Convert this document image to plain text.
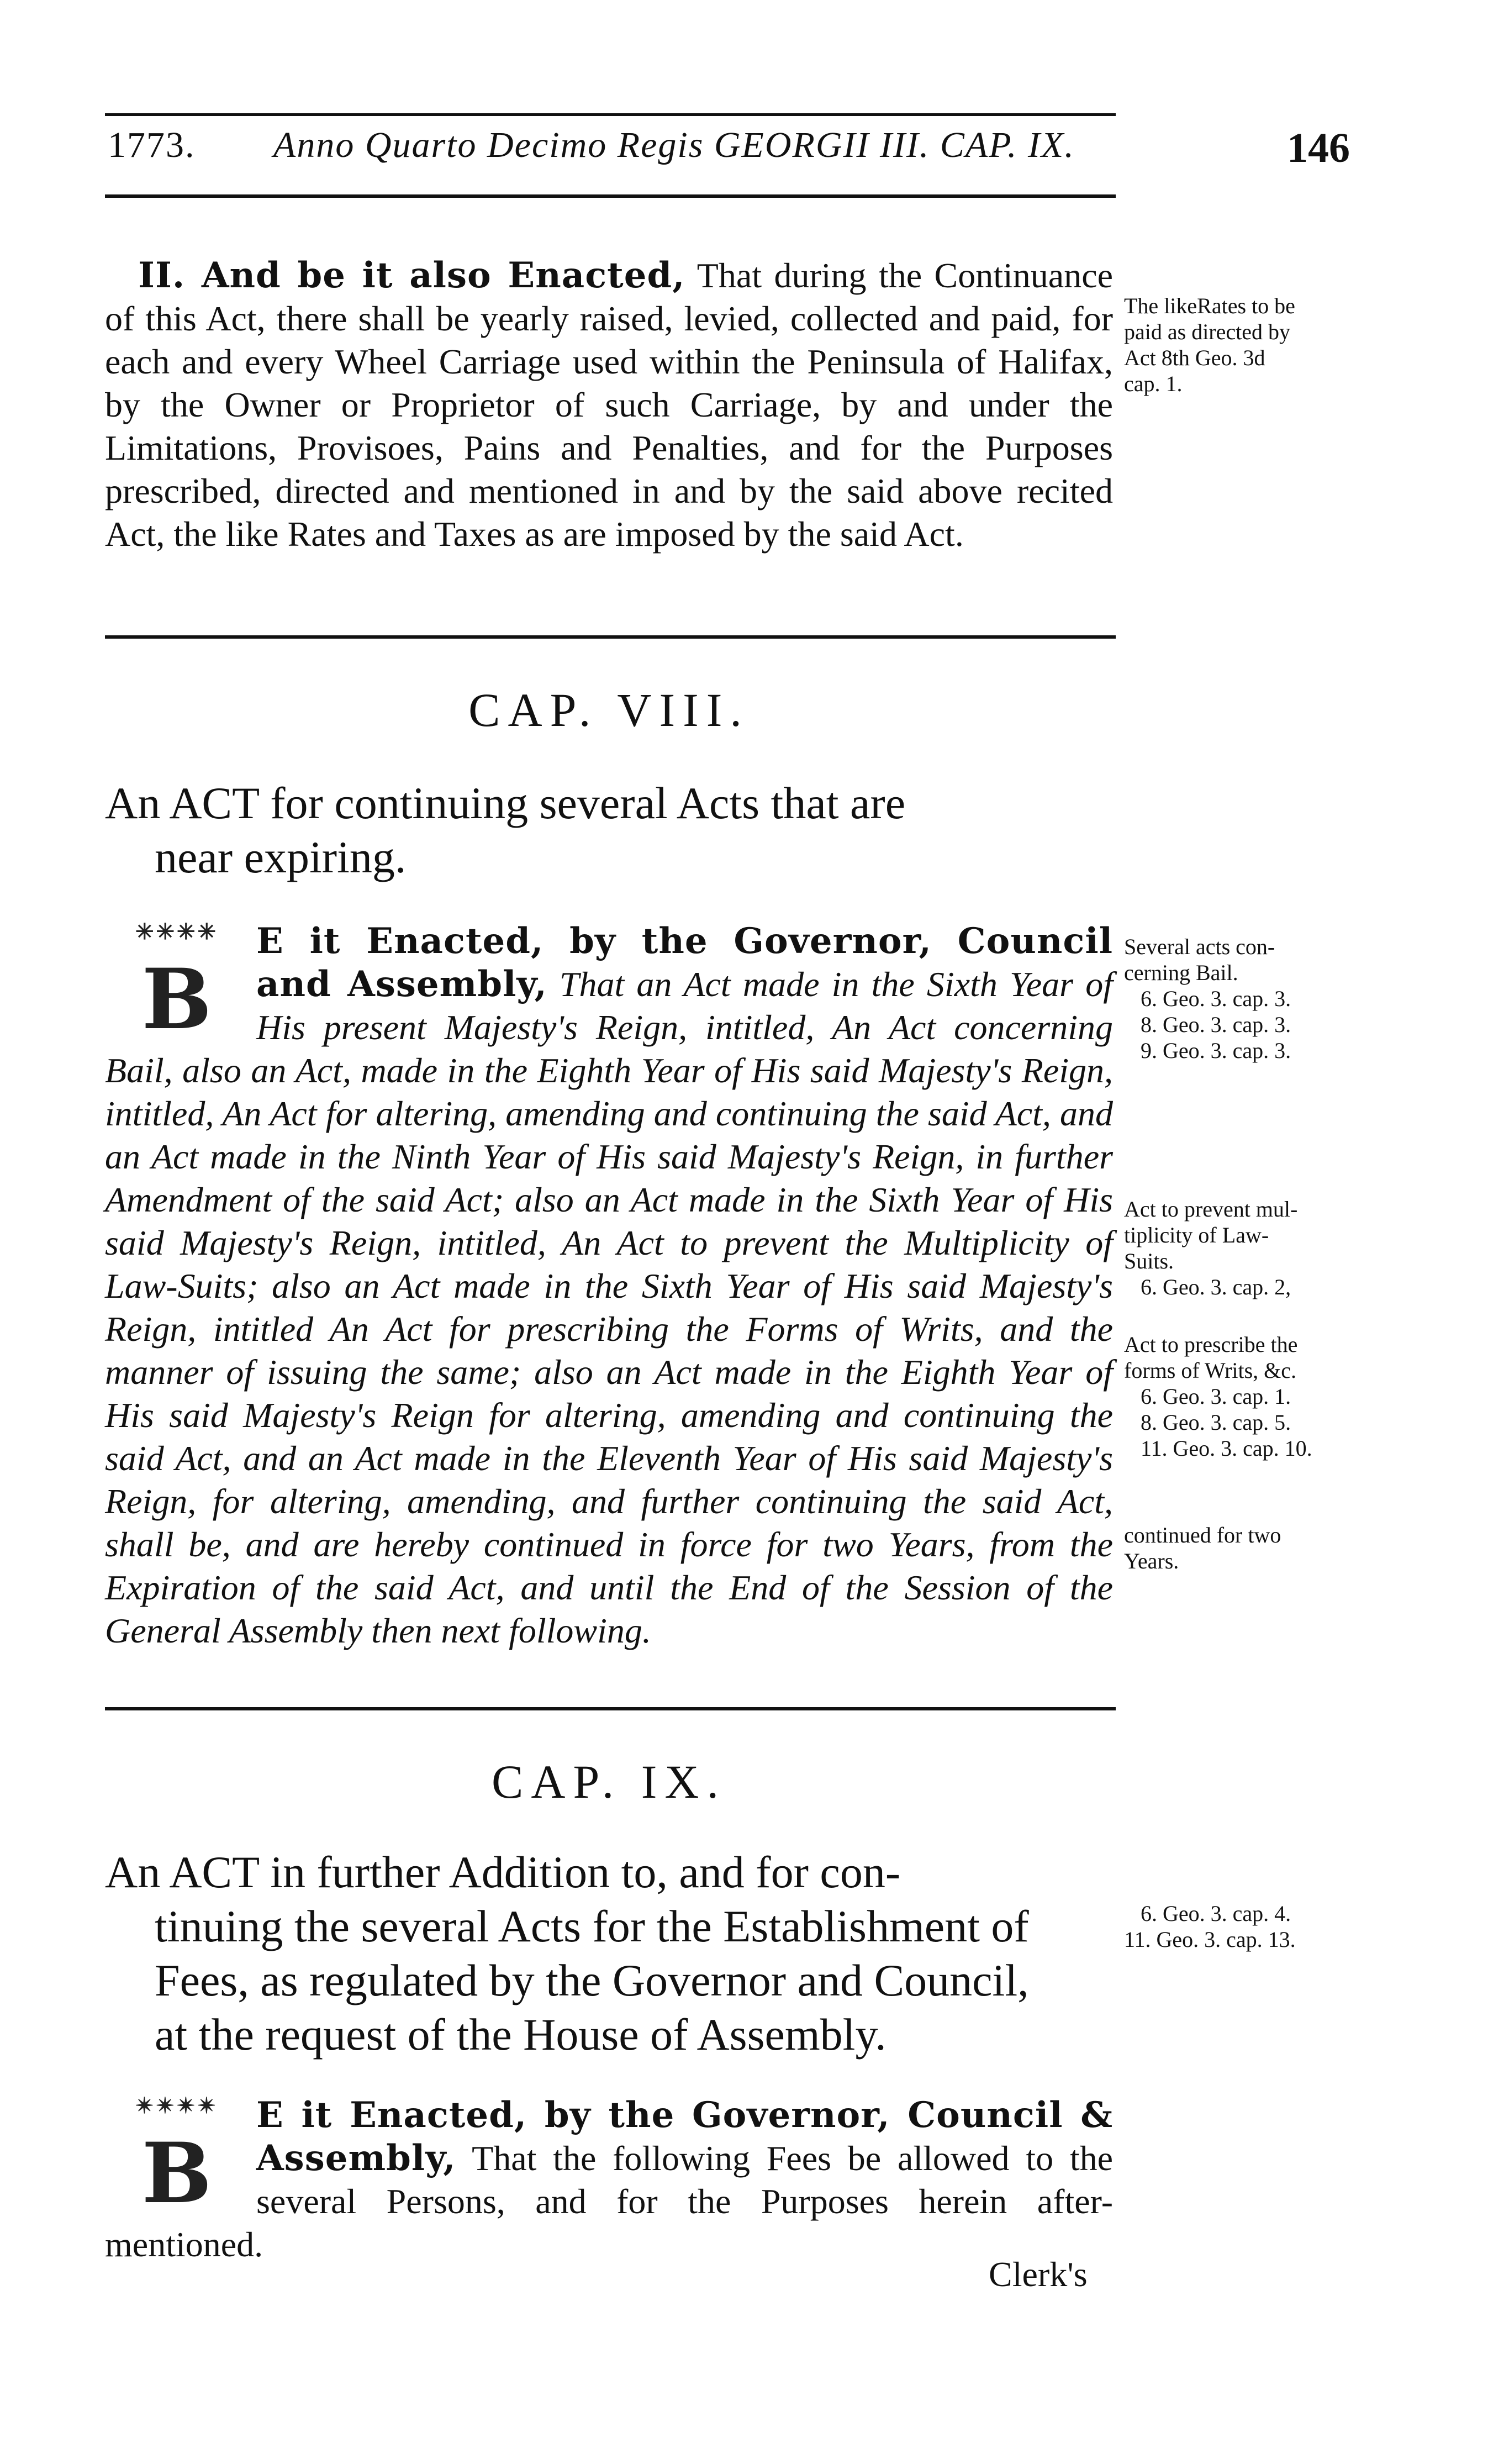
1773. Anno Quarto Decimo Regis GEORGII III. CAP. IX.	146
II. And be it also Enacted, That during the Continuance of this Act, there shall be yearly raised, levied, collected and paid, for each and every Wheel Carriage used within the Peninsula of Halifax, by the Owner or Proprietor of such Carriage, by and under the Limitations, Provisoes, Pains and Penalties, and for the Purposes prescribed, directed and mentioned in and by the said above recited Act, the like Rates and Taxes as are imposed by the said Act.
The likeRates to be
paid as directed by
Act 8th Geo. 3d
cap. 1.
CAP. VIII.
An ACT for continuing several Acts that are
near expiring.
✳✳✳✳
B
E it Enacted, by the Governor, Council and Assembly, That an Act made in the Sixth Year of His present Majesty's Reign, intitled, An Act concerning Bail, also an Act, made in the Eighth Year of His said Majesty's Reign, intitled, An Act for altering, amending and continuing the said Act, and an Act made in the Ninth Year of His said Majesty's Reign, in further Amendment of the said Act; also an Act made in the Sixth Year of His said Majesty's Reign, intitled, An Act to prevent the Multiplicity of Law-Suits; also an Act made in the Sixth Year of His said Majesty's Reign, intitled An Act for prescribing the Forms of Writs, and the manner of issuing the same; also an Act made in the Eighth Year of His said Majesty's Reign for altering, amending and continuing the said Act, and an Act made in the Eleventh Year of His said Majesty's Reign, for altering, amending, and further continuing the said Act, shall be, and are hereby continued in force for two Years, from the Expiration of the said Act, and until the End of the Session of the General Assembly then next following.
Several acts con-
cerning Bail.

6. Geo. 3. cap. 3.
8. Geo. 3. cap. 3.
9. Geo. 3. cap. 3.
Act to prevent mul-
tiplicity of Law-
Suits.

6. Geo. 3. cap. 2,
Act to prescribe the
forms of Writs, &c.

6. Geo. 3. cap. 1.
8. Geo. 3. cap. 5.
11. Geo. 3. cap. 10.
continued for two
Years.
CAP. IX.
An ACT in further Addition to, and for con-
tinuing the several Acts for the Establishment of
Fees, as regulated by the Governor and Council,
at the request of the House of Assembly.
6. Geo. 3. cap. 4.
11. Geo. 3. cap. 13.
✴✴✴✴
B
E it Enacted, by the Governor, Council & Assembly, That the following Fees be allowed to the several Persons, and for the Purposes herein after-mentioned.
Clerk's
